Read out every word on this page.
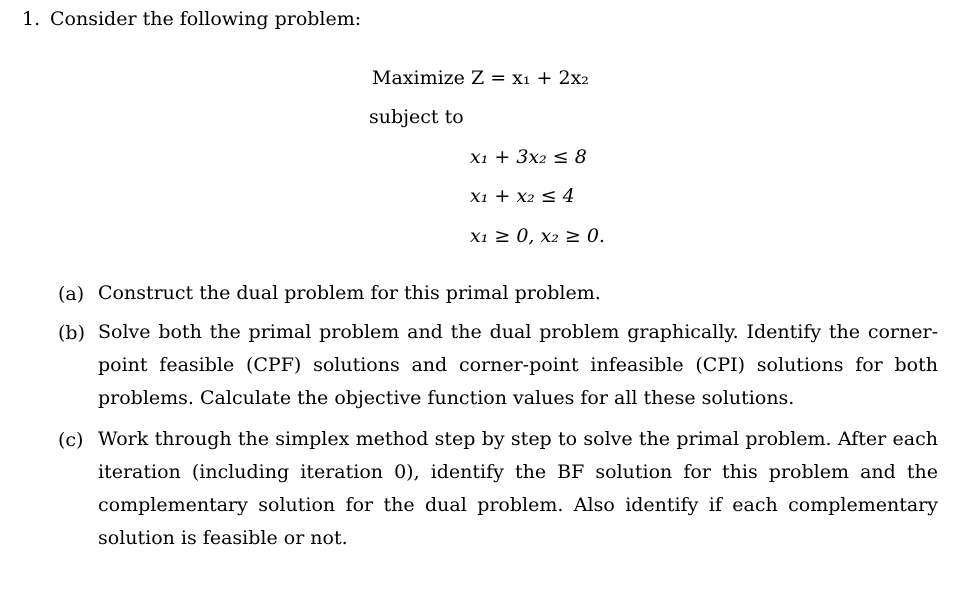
1. Consider the following problem:
Maximize Z = x₁ + 2x₂
subject to
x₁ + 3x₂ ≤ 8
x₁ + x₂ ≤ 4
x₁ ≥ 0, x₂ ≥ 0.
(a) Construct the dual problem for this primal problem.
(b) Solve both the primal problem and the dual problem graphically. Identify the corner-point feasible (CPF) solutions and corner-point infeasible (CPI) solutions for both problems. Calculate the objective function values for all these solutions.
(c) Work through the simplex method step by step to solve the primal problem. After each iteration (including iteration 0), identify the BF solution for this problem and the complementary solution for the dual problem. Also identify if each complementary solution is feasible or not.
